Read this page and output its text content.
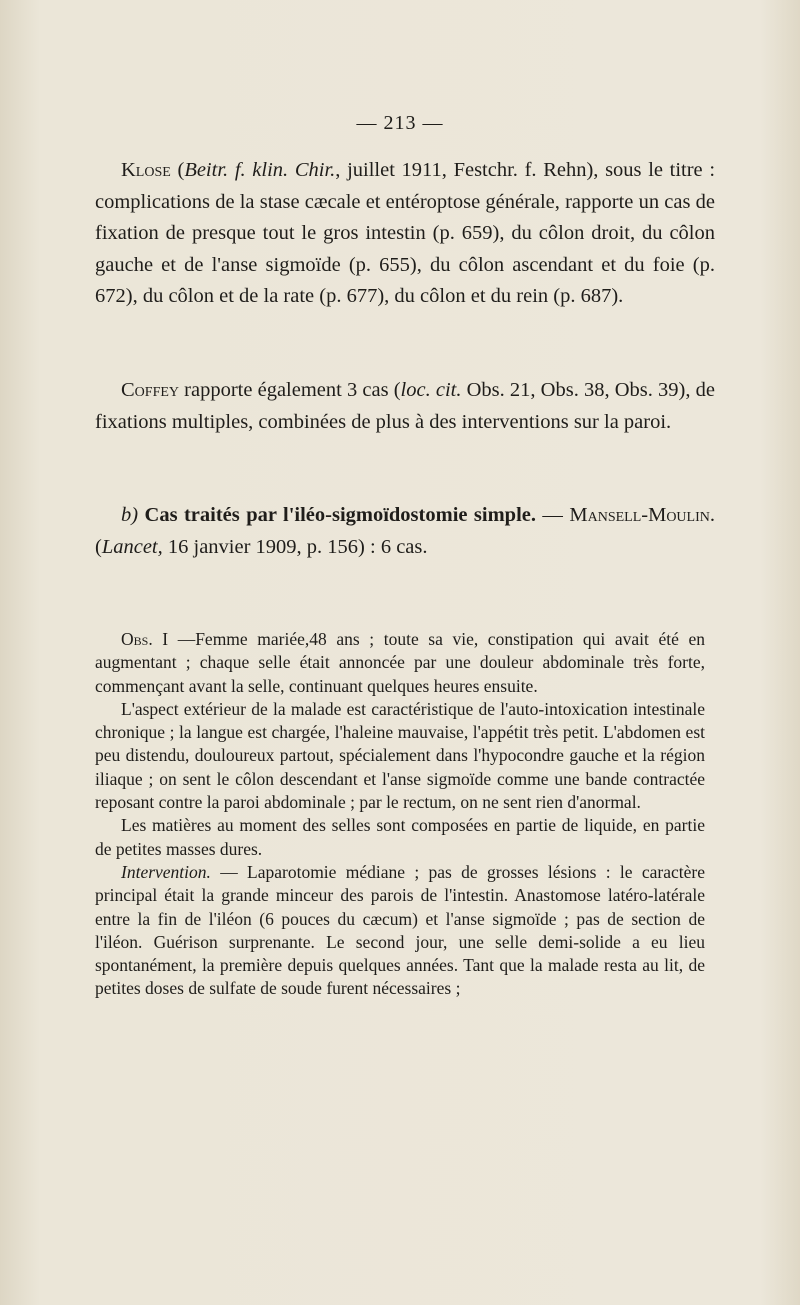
— 213 —

Klose (Beitr. f. klin. Chir., juillet 1911, Festchr. f. Rehn), sous le titre : complications de la stase cæcale et entéroptose générale, rapporte un cas de fixation de presque tout le gros intestin (p. 659), du côlon droit, du côlon gauche et de l'anse sigmoïde (p. 655), du côlon ascendant et du foie (p. 672), du côlon et de la rate (p. 677), du côlon et du rein (p. 687).

Coffey rapporte également 3 cas (loc. cit. Obs. 21, Obs. 38, Obs. 39), de fixations multiples, combinées de plus à des interventions sur la paroi.

b) Cas traités par l'iléo-sigmoïdostomie simple. — Mansell-Moulin. (Lancet, 16 janvier 1909, p. 156) : 6 cas.

Obs. I —Femme mariée,48 ans ; toute sa vie, constipation qui avait été en augmentant ; chaque selle était annoncée par une douleur abdominale très forte, commençant avant la selle, continuant quelques heures ensuite.
L'aspect extérieur de la malade est caractéristique de l'auto-intoxication intestinale chronique ; la langue est chargée, l'haleine mauvaise, l'appétit très petit. L'abdomen est peu distendu, douloureux partout, spécialement dans l'hypocondre gauche et la région iliaque ; on sent le côlon descendant et l'anse sigmoïde comme une bande contractée reposant contre la paroi abdominale ; par le rectum, on ne sent rien d'anormal.
Les matières au moment des selles sont composées en partie de liquide, en partie de petites masses dures.
Intervention. — Laparotomie médiane ; pas de grosses lésions : le caractère principal était la grande minceur des parois de l'intestin. Anastomose latéro-latérale entre la fin de l'iléon (6 pouces du cæcum) et l'anse sigmoïde ; pas de section de l'iléon. Guérison surprenante. Le second jour, une selle demi-solide a eu lieu spontanément, la première depuis quelques années. Tant que la malade resta au lit, de petites doses de sulfate de soude furent nécessaires ;
